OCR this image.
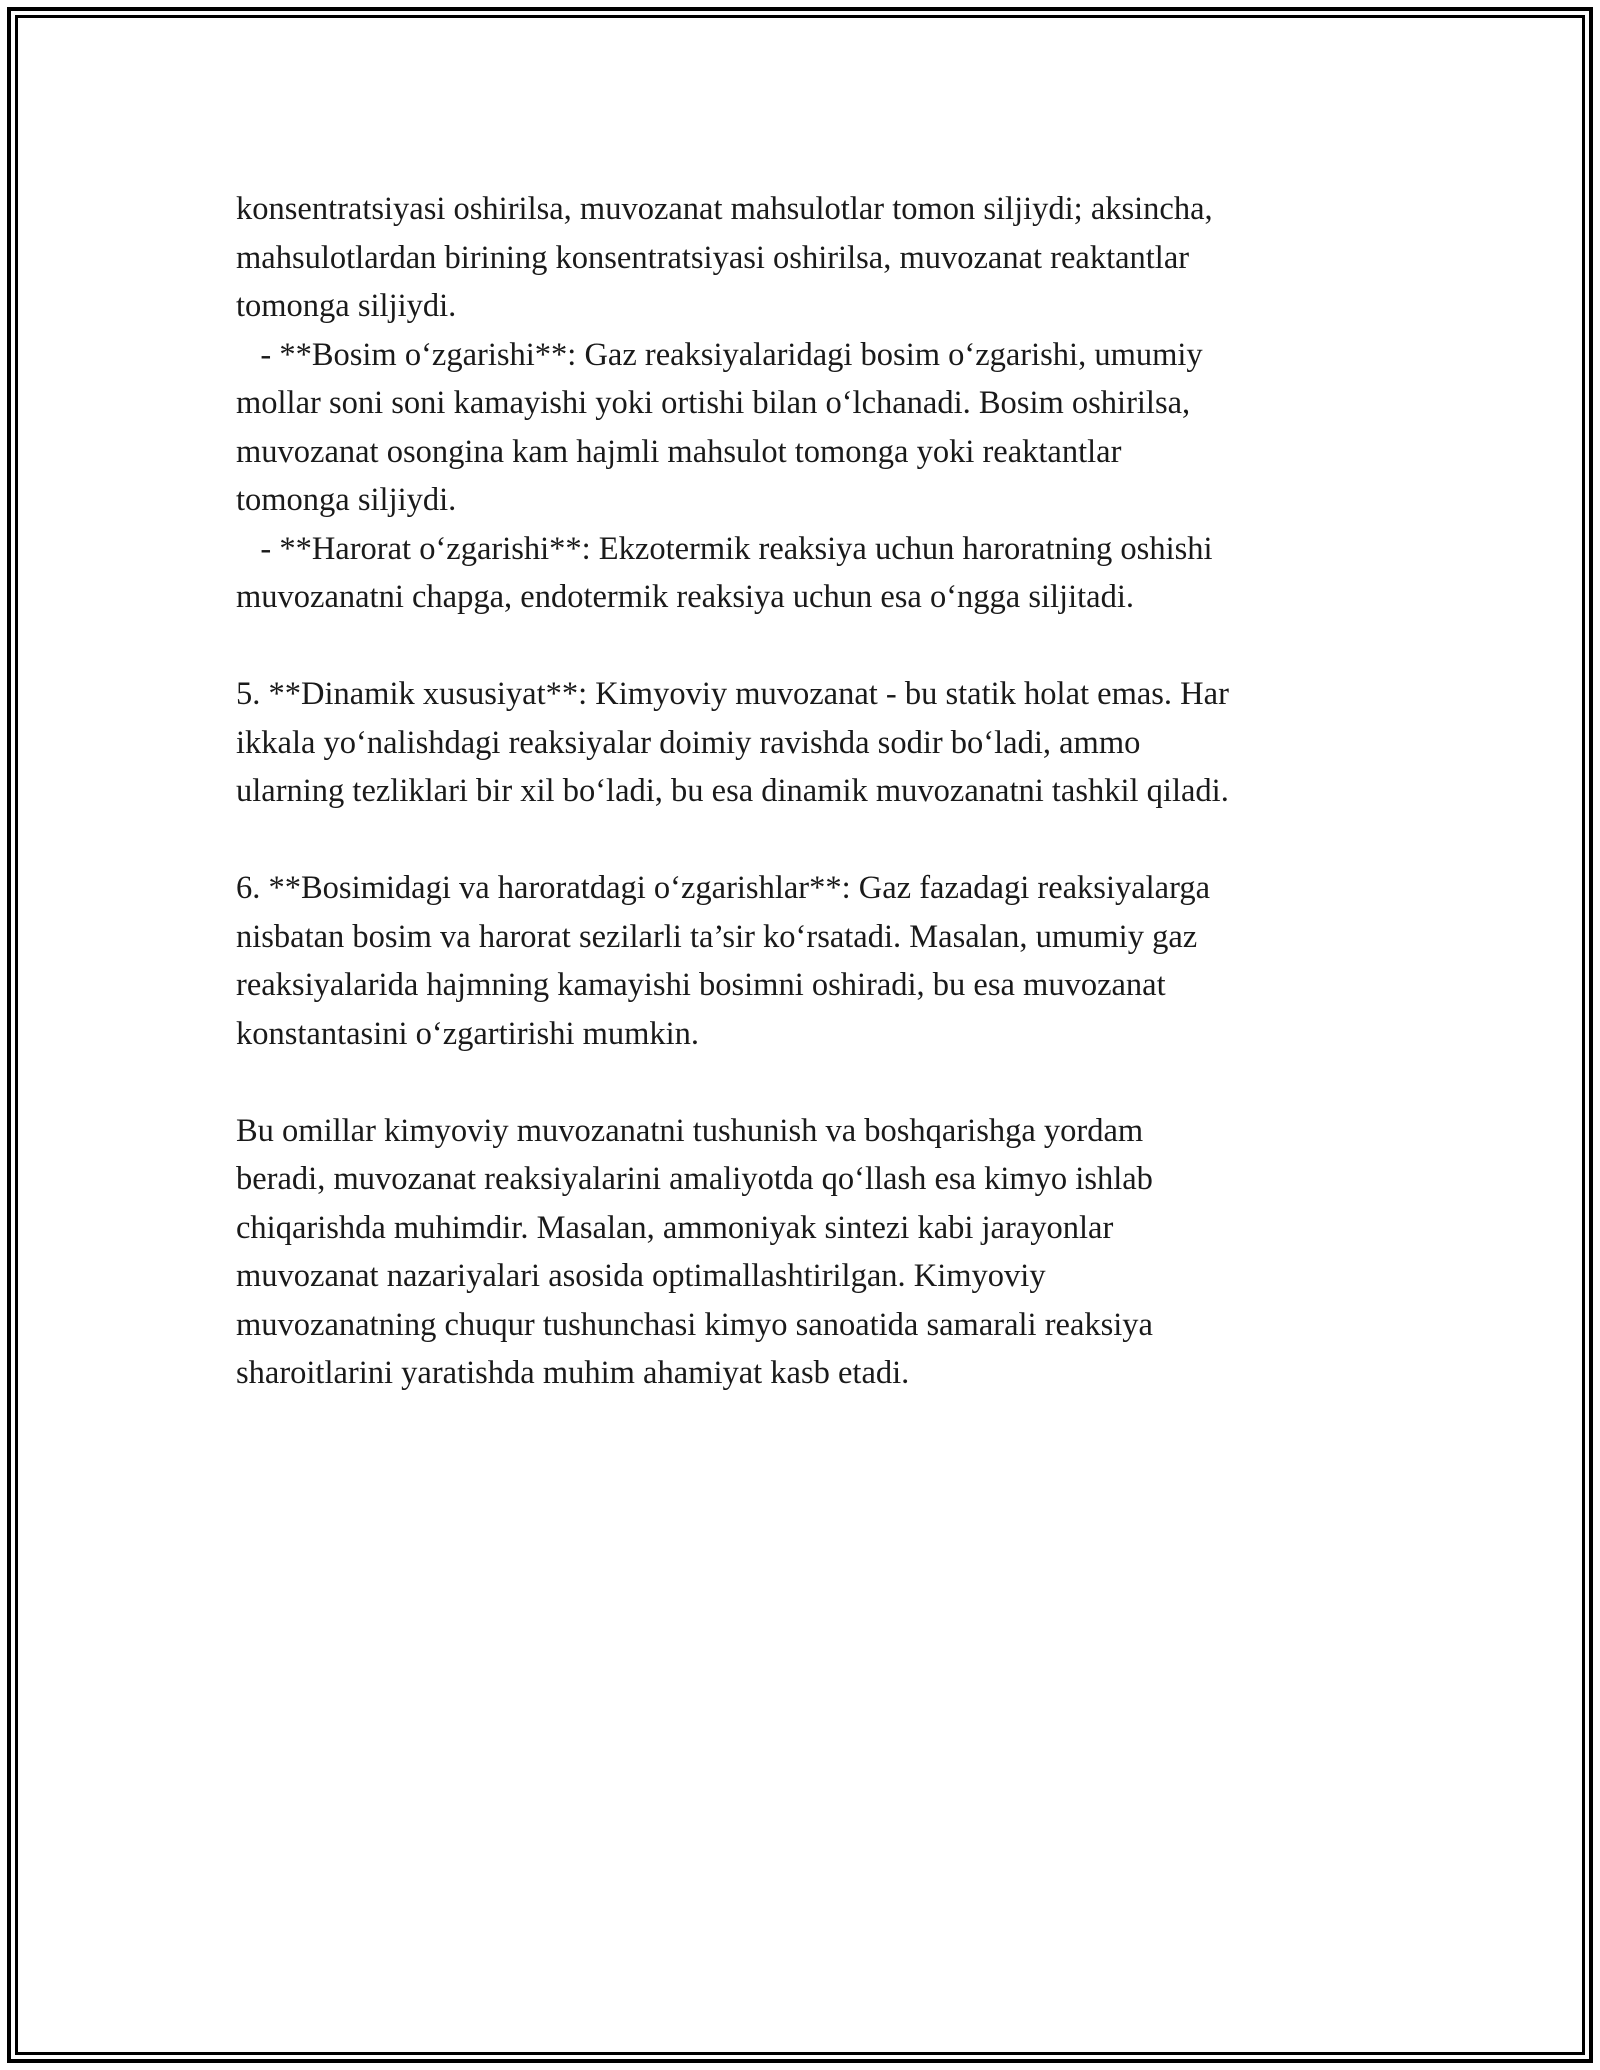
konsentratsiyasi oshirilsa, muvozanat mahsulotlar tomon siljiydi; aksincha,
mahsulotlardan birining konsentratsiyasi oshirilsa, muvozanat reaktantlar
tomonga siljiydi.
- **Bosim o‘zgarishi**: Gaz reaksiyalaridagi bosim o‘zgarishi, umumiy
mollar soni soni kamayishi yoki ortishi bilan o‘lchanadi. Bosim oshirilsa,
muvozanat osongina kam hajmli mahsulot tomonga yoki reaktantlar
tomonga siljiydi.
- **Harorat o‘zgarishi**: Ekzotermik reaksiya uchun haroratning oshishi
muvozanatni chapga, endotermik reaksiya uchun esa o‘ngga siljitadi.
5. **Dinamik xususiyat**: Kimyoviy muvozanat - bu statik holat emas. Har
ikkala yo‘nalishdagi reaksiyalar doimiy ravishda sodir bo‘ladi, ammo
ularning tezliklari bir xil bo‘ladi, bu esa dinamik muvozanatni tashkil qiladi.
6. **Bosimidagi va haroratdagi o‘zgarishlar**: Gaz fazadagi reaksiyalarga
nisbatan bosim va harorat sezilarli ta’sir ko‘rsatadi. Masalan, umumiy gaz
reaksiyalarida hajmning kamayishi bosimni oshiradi, bu esa muvozanat
konstantasini o‘zgartirishi mumkin.
Bu omillar kimyoviy muvozanatni tushunish va boshqarishga yordam
beradi, muvozanat reaksiyalarini amaliyotda qo‘llash esa kimyo ishlab
chiqarishda muhimdir. Masalan, ammoniyak sintezi kabi jarayonlar
muvozanat nazariyalari asosida optimallashtirilgan. Kimyoviy
muvozanatning chuqur tushunchasi kimyo sanoatida samarali reaksiya
sharoitlarini yaratishda muhim ahamiyat kasb etadi.
